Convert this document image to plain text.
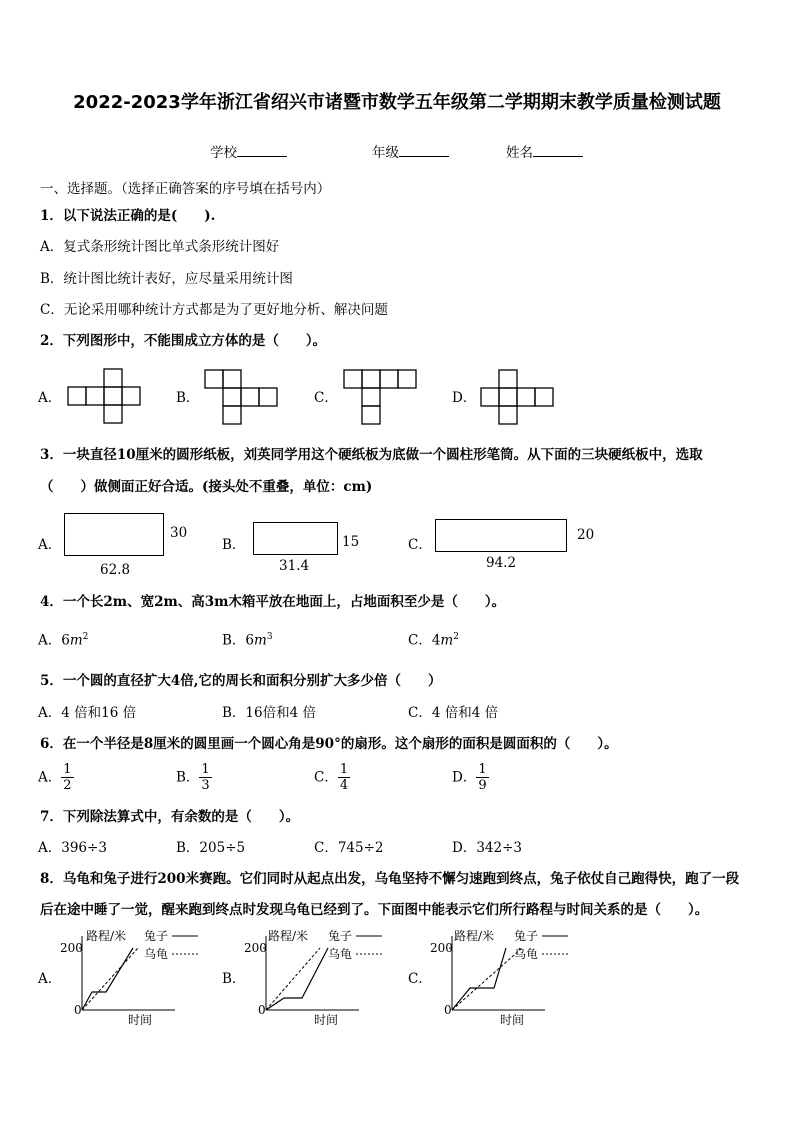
2022-2023学年浙江省绍兴市诸暨市数学五年级第二学期期末教学质量检测试题
学校	年级	姓名
一、选择题。（选择正确答案的序号填在括号内）
1．以下说法正确的是(　　).
A．复式条形统计图比单式条形统计图好
B．统计图比统计表好，应尽量采用统计图
C．无论采用哪种统计方式都是为了更好地分析、解决问题
2．下列图形中，不能围成立方体的是（　　）。
A．	B．	C．	D．
3．一块直径10厘米的圆形纸板，刘英同学用这个硬纸板为底做一个圆柱形笔筒。从下面的三块硬纸板中，选取
（　　）做侧面正好合适。(接头处不重叠，单位：cm)
A．
30
62.8
B．	15
31.4
C．
20
94.2
4．一个长2m、宽2m、高3m木箱平放在地面上，占地面积至少是（　　）。
A．$6m^2$	B．$6m^3$	C．$4m^2$
5．一个圆的直径扩大4倍,它的周长和面积分别扩大多少倍（　　）
A．4 倍和16 倍	B．16倍和4 倍	C．4 倍和4 倍
6．在一个半径是8厘米的圆里画一个圆心角是90°的扇形。这个扇形的面积是圆面积的（　　）。
A． $\frac{1}{2}$	B． $\frac{1}{3}$	C． $\frac{1}{4}$	D． $\frac{1}{9}$
7．下列除法算式中，有余数的是（　　）。
A．396÷3	B．205÷5	C．745÷2	D．342÷3
8．乌龟和兔子进行200米赛跑。它们同时从起点出发，乌龟坚持不懈匀速跑到终点，兔子依仗自己跑得快，跑了一段
后在途中睡了一觉，醒来跑到终点时发现乌龟已经到了。下面图中能表示它们所行路程与时间关系的是（　　）。
A．
路程/米
200
0
时间
兔子
乌龟
B．
路程/米
200
0
时间
兔子
乌龟
C．
路程/米
200
0
时间
兔子
乌龟
